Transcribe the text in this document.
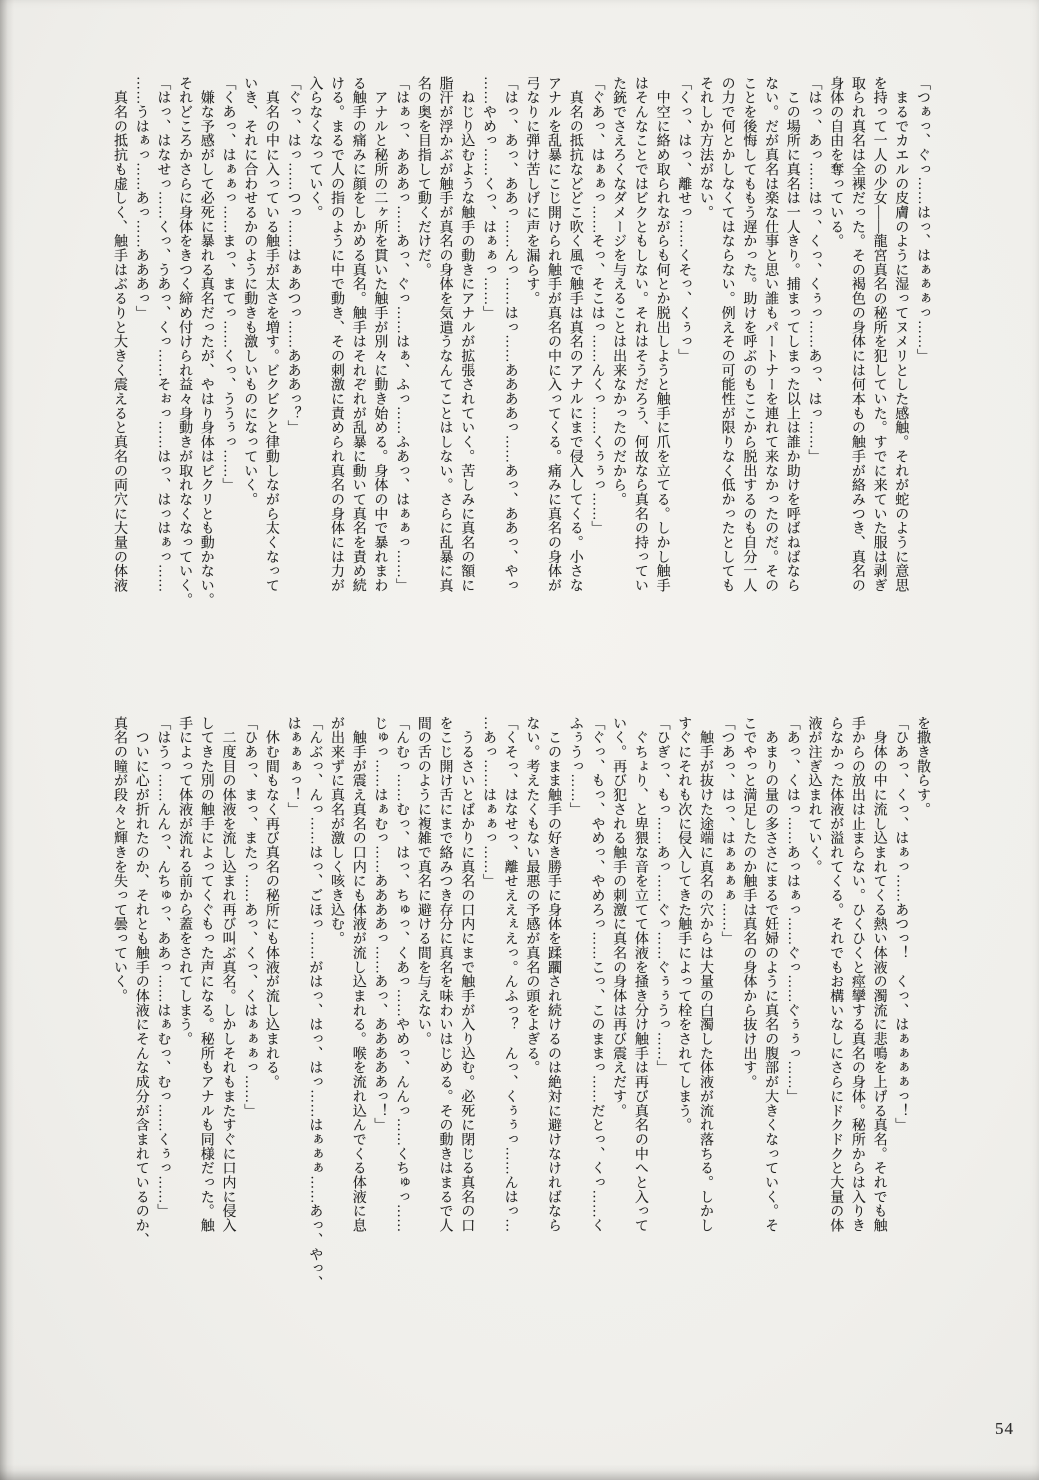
「つぁっ、ぐっ……はっ、はぁぁぁっ……」
　まるでカエルの皮膚のように湿ってヌメリとした感触。それが蛇のように意思
を持って一人の少女――龍宮真名の秘所を犯していた。すでに来ていた服は剥ぎ
取られ真名は全裸だった。その褐色の身体には何本もの触手が絡みつき、真名の
身体の自由を奪っている。
「はっ、あっ……はっ、くっ、くぅっ……あっ、はっ……」
　この場所に真名は一人きり。捕まってしまった以上は誰か助けを呼ばねばなら
ない。だが真名は楽な仕事と思い誰もパートナーを連れて来なかったのだ。その
ことを後悔してももう遅かった。助けを呼ぶのもここから脱出するのも自分一人
の力で何とかしなくてはならない。例えその可能性が限りなく低かったとしても
それしか方法がない。
「くっ、はっ、離せっ……くそっ、くぅっ」
　中空に絡め取られながらも何とか脱出しようと触手に爪を立てる。しかし触手
はそんなことではビクともしない。それはそうだろう、何故なら真名の持ってい
た銃でさえろくなダメージを与えることは出来なかったのだから。
「ぐあっ、はぁぁっ……そっ、そこはっ……んくっ……くぅぅっ……」
　真名の抵抗などどこ吹く風で触手は真名のアナルにまで侵入してくる。小さな
アナルを乱暴にこじ開けられ触手が真名の中に入ってくる。痛みに真名の身体が
弓なりに弾け苦しげに声を漏らす。
「はっ、あっ、ああっ……んっ……はっ……ああああっ……あっ、ああっ、やっ
……やめっ……くっ、はぁぁっ……」
　ねじり込むような触手の動きにアナルが拡張されていく。苦しみに真名の額に
脂汗が浮かぶが触手が真名の身体を気遣うなんてことはしない。さらに乱暴に真
名の奥を目指して動くだけだ。
「はぁっ、あああっ……あっ、ぐっ……はぁ、ふっ……ふあっ、はぁぁっ……」
　アナルと秘所の二ヶ所を貫いた触手が別々に動き始める。身体の中で暴れまわ
る触手の痛みに顔をしかめる真名。触手はそれぞれが乱暴に動いて真名を責め続
ける。まるで人の指のように中で動き、その刺激に責められ真名の身体には力が
入らなくなっていく。
「ぐっ、はっ……つっ……はぁあつっ……あああっ？」
　真名の中に入っている触手が太さを増す。ビクビクと律動しながら太くなって
いき、それに合わせるかのように動きも激しいものになっていく。
「くあっ、はぁぁっ……まっ、まてっ……くっ、ううぅっ……」
　嫌な予感がして必死に暴れる真名だったが、やはり身体はピクリとも動かない。
それどころかさらに身体をきつく締め付けられ益々身動きが取れなくなっていく。
「はっ、はなせっ……くっ、うあっ、くっ……そぉっ……はっ、はっはぁっ……
……うはぁっ……あっ……あああっ」
　真名の抵抗も虚しく、触手はぶるりと大きく震えると真名の両穴に大量の体液
を撒き散らす。
「ひあっ、くっ、はぁっ……あつっ！　くっ、はぁぁぁぁっ！」
　身体の中に流し込まれてくる熱い体液の濁流に悲鳴を上げる真名。それでも触
手からの放出は止まらない。ひくひくと痙攣する真名の身体。秘所からは入りき
らなかった体液が溢れてくる。それでもお構いなしにさらにドクドクと大量の体
液が注ぎ込まれていく。
「あっ、くはっ……あっはぁっ……ぐっ……ぐぅぅっ……」
　あまりの量の多ささにまるで妊婦のように真名の腹部が大きくなっていく。そ
こでやっと満足したのか触手は真名の身体から抜け出す。
「つあっ、はっ、はぁぁぁぁ……」
　触手が抜けた途端に真名の穴からは大量の白濁した体液が流れ落ちる。しかし
すぐにそれも次に侵入してきた触手によって栓をされてしまう。
「ひぎっ、もっ……あっ……ぐっ……ぐぅぅうっ……」
　ぐちょり、と卑猥な音を立てて体液を掻き分け触手は再び真名の中へと入って
いく。再び犯される触手の刺激に真名の身体は再び震えだす。
「ぐっ、もっ、やめっ、やめろっ……こっ、このままっ……だとっ、くっ……く
ふぅうっ……」
　このまま触手の好き勝手に身体を蹂躙され続けるのは絶対に避けなければなら
ない。考えたくもない最悪の予感が真名の頭をよぎる。
「くそっ、はなせっ、離せええぇえっ。んふっ？　んっ、くぅぅっ……んはっ…
…あっ……はぁぁっ……」
　うるさいとばかりに真名の口内にまで触手が入り込む。必死に閉じる真名の口
をこじ開け舌にまで絡みつき存分に真名を味わいはじめる。その動きはまるで人
間の舌のように複雑で真名に避ける間を与えない。
「んむっ……むっ、はっ、ちゅっ、くあっ……やめっ、んんっ……くちゅっ……
じゅっ……はぁむっ……ああああっ……あっ、あああああっ！」
　触手が震え真名の口内にも体液が流し込まれる。喉を流れ込んでくる体液に息
が出来ずに真名が激しく咳き込む。
「んぶっ、んっ……はっ、ごほっ……がはっ、はっ、はっ……はぁぁぁ……あっ、やっ、
はぁぁぁっ！」
　休む間もなく再び真名の秘所にも体液が流し込まれる。
「ひあっ、まっ、またっ……あっ、くっ、くはぁぁぁっ……」
　二度目の体液を流し込まれ再び叫ぶ真名。しかしそれもまたすぐに口内に侵入
してきた別の触手によってくぐもった声になる。秘所もアナルも同様だった。触
手によって体液が流れる前から蓋をされてしまう。
「はうっ……んんっ、んちゅっ、ああっ……はぁむっ、むっ……くぅっ……」
　ついに心が折れたのか、それとも触手の体液にそんな成分が含まれているのか、
真名の瞳が段々と輝きを失って曇っていく。
54
